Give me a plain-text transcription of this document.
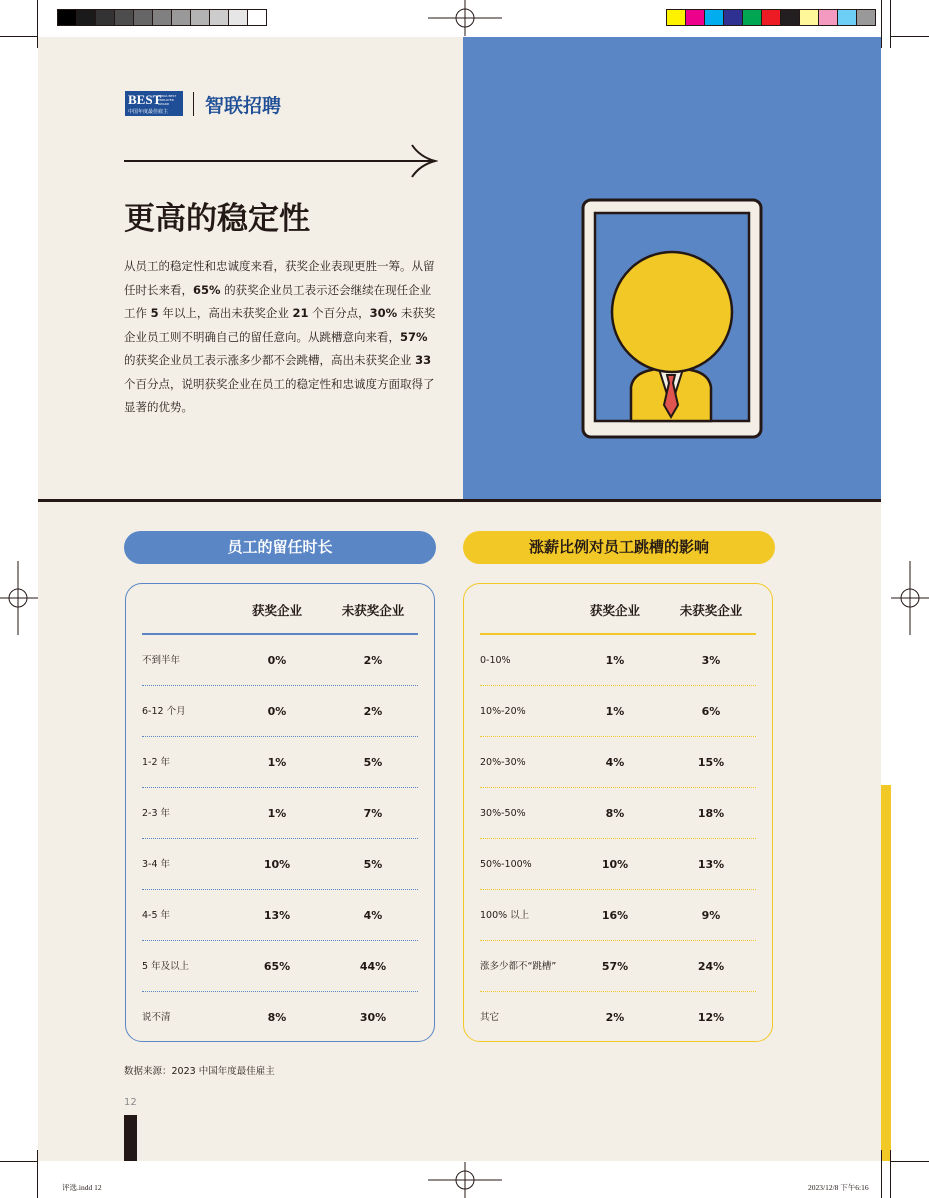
BEST
CHINA BEST EMPLOYER AWARD
中国年度最佳雇主 智联招聘
更高的稳定性
从员工的稳定性和忠诚度来看，获奖企业表现更胜一筹。从留任时长来看，65% 的获奖企业员工表示还会继续在现任企业工作 5 年以上，高出未获奖企业 21 个百分点，30% 未获奖企业员工则不明确自己的留任意向。从跳槽意向来看，57% 的获奖企业员工表示涨多少都不会跳槽，高出未获奖企业 33 个百分点，说明获奖企业在员工的稳定性和忠诚度方面取得了显著的优势。
员工的留任时长
获奖企业	未获奖企业
不到半年	0%	2%
6-12 个月	0%	2%
1-2 年	1%	5%
2-3 年	1%	7%
3-4 年	10%	5%
4-5 年	13%	4%
5 年及以上	65%	44%
说不清	8%	30%
涨薪比例对员工跳槽的影响
获奖企业	未获奖企业
0-10%	1%	3%
10%-20%	1%	6%
20%-30%	4%	15%
30%-50%	8%	18%
50%-100%	10%	13%
100% 以上	16%	9%
涨多少都不“跳槽”	57%	24%
其它	2%	12%
数据来源：2023 中国年度最佳雇主
12
评选.indd 12	2023/12/8 下午6:16
